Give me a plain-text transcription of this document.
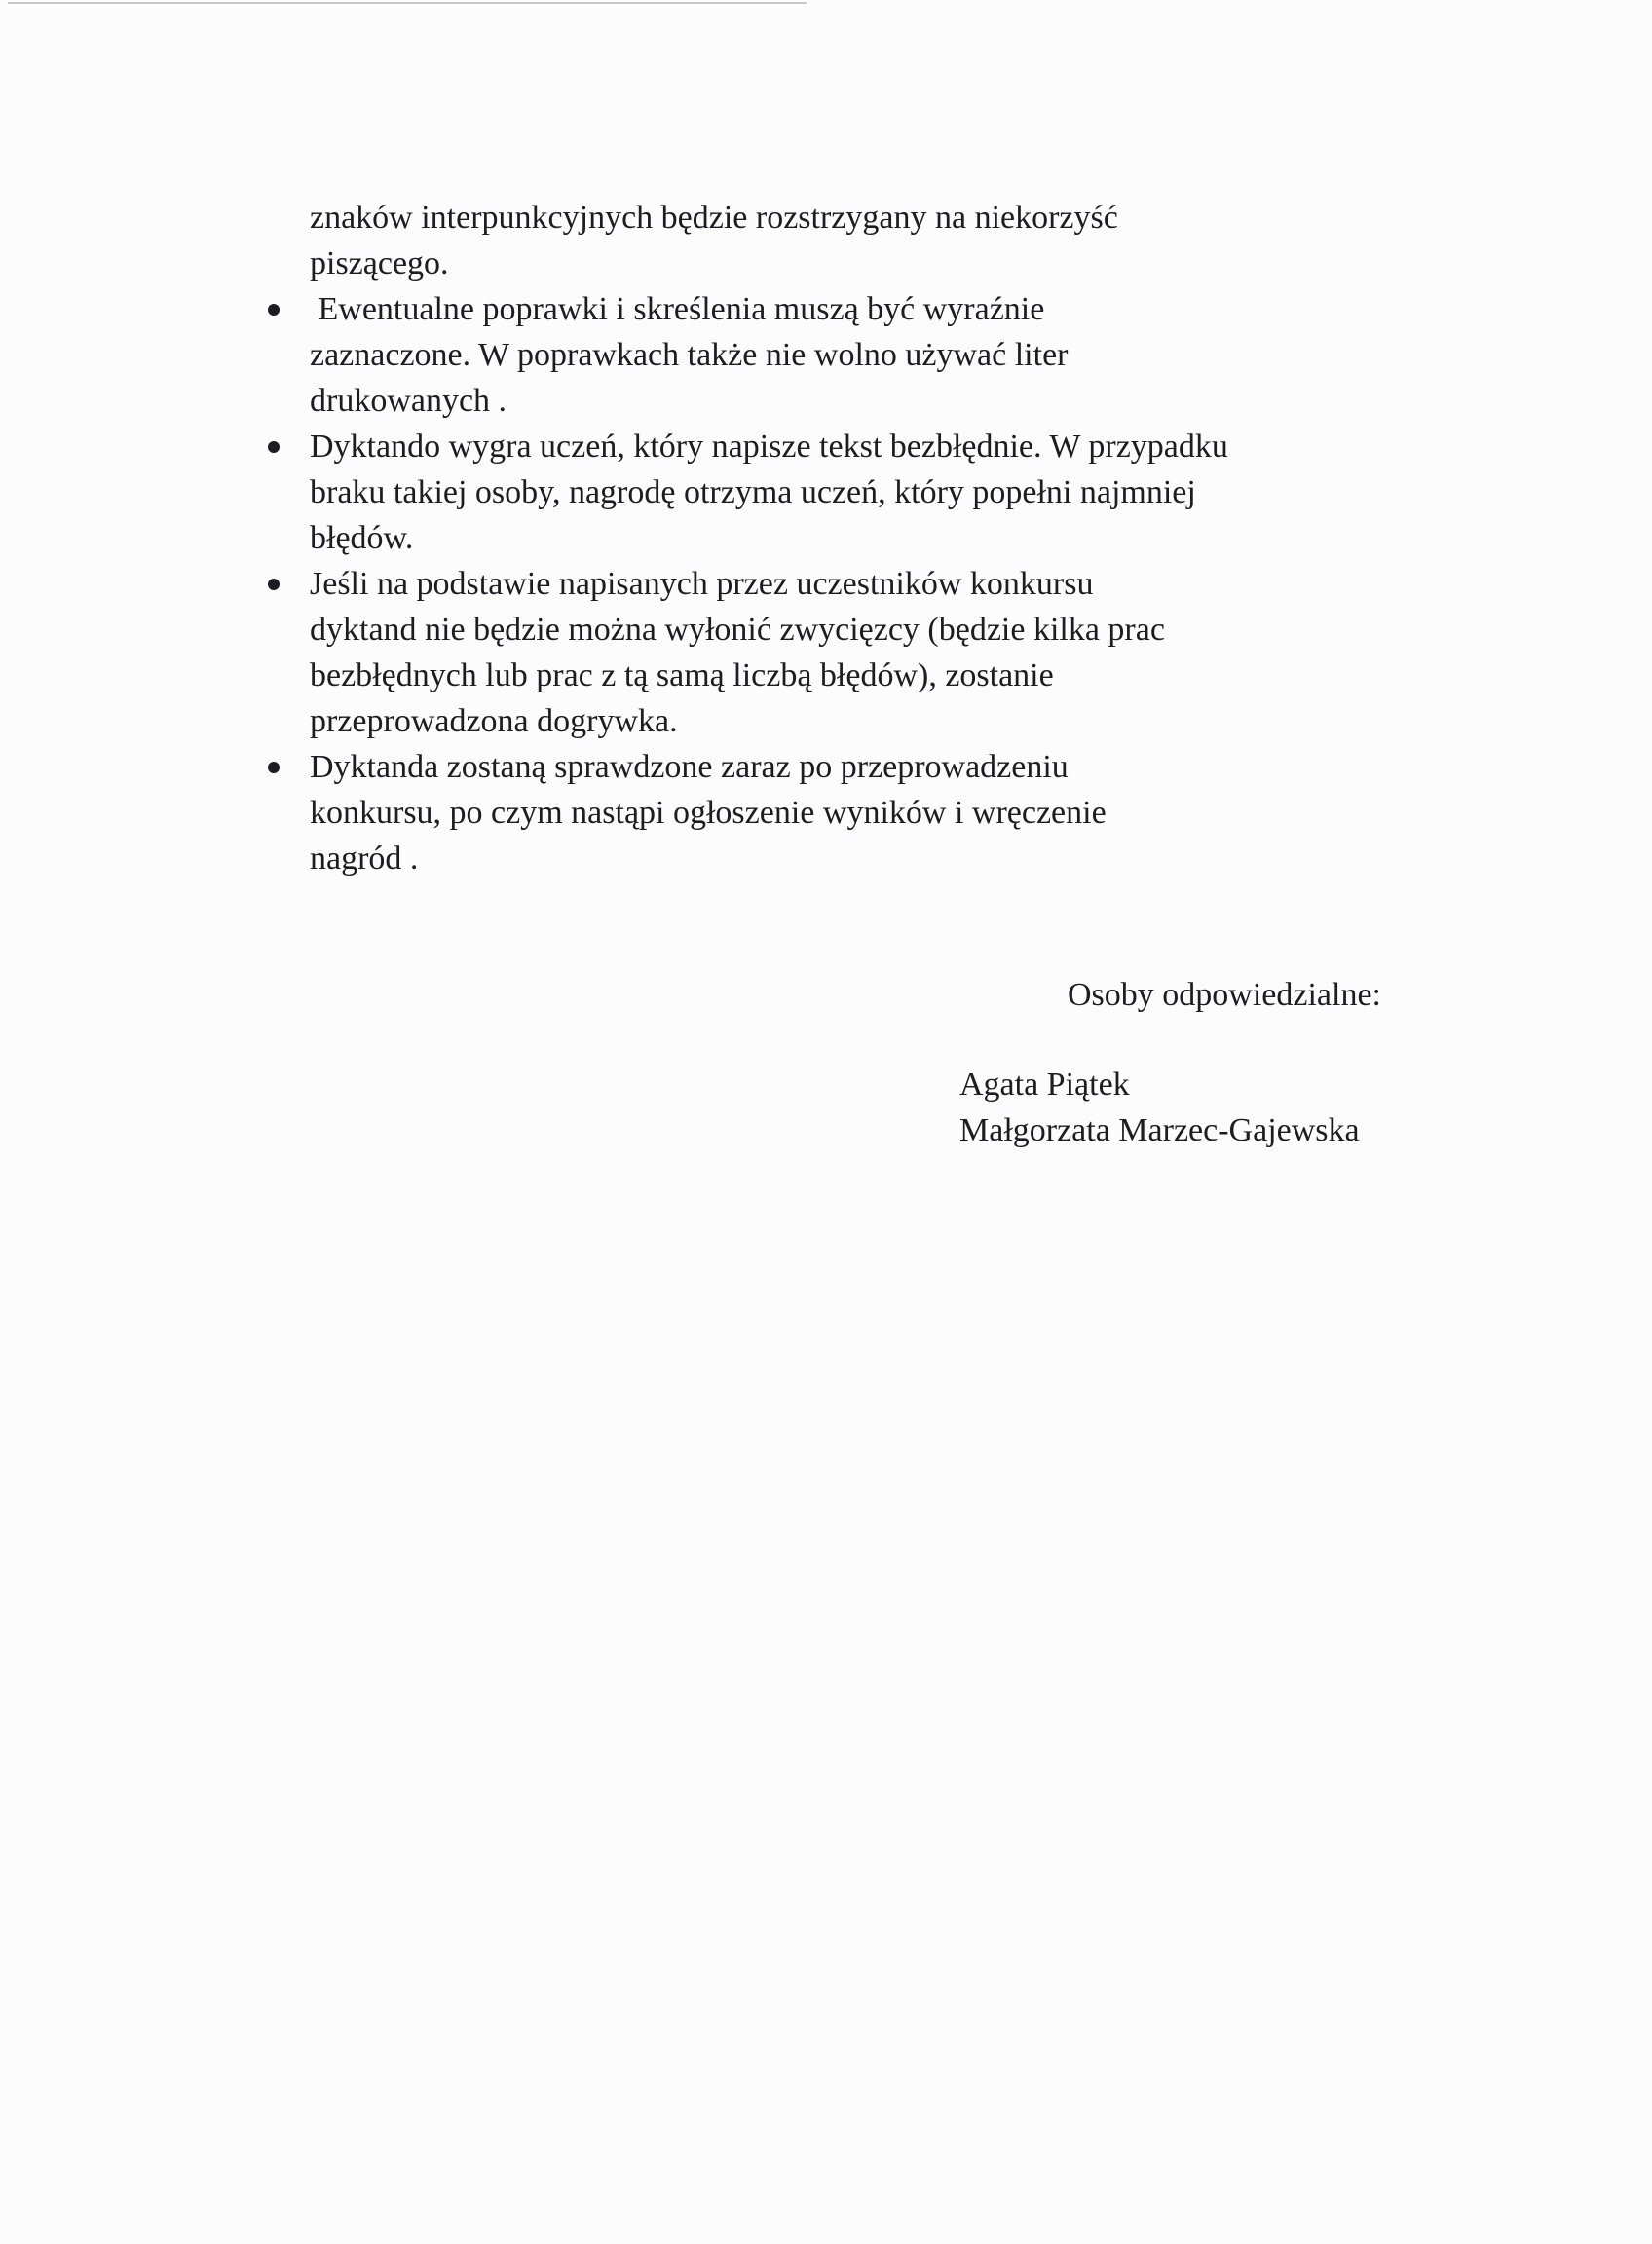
znaków interpunkcyjnych będzie rozstrzygany na niekorzyść
piszącego.
Ewentualne poprawki i skreślenia muszą być wyraźnie
zaznaczone. W poprawkach także nie wolno używać liter
drukowanych .
Dyktando wygra uczeń, który napisze tekst bezbłędnie. W przypadku
braku takiej osoby, nagrodę otrzyma uczeń, który popełni najmniej
błędów.
Jeśli na podstawie napisanych przez uczestników konkursu
dyktand nie będzie można wyłonić zwycięzcy (będzie kilka prac
bezbłędnych lub prac z tą samą liczbą błędów), zostanie
przeprowadzona dogrywka.
Dyktanda zostaną sprawdzone zaraz po przeprowadzeniu
konkursu, po czym nastąpi ogłoszenie wyników i wręczenie
nagród .
Osoby odpowiedzialne:
Agata Piątek
Małgorzata Marzec-Gajewska
